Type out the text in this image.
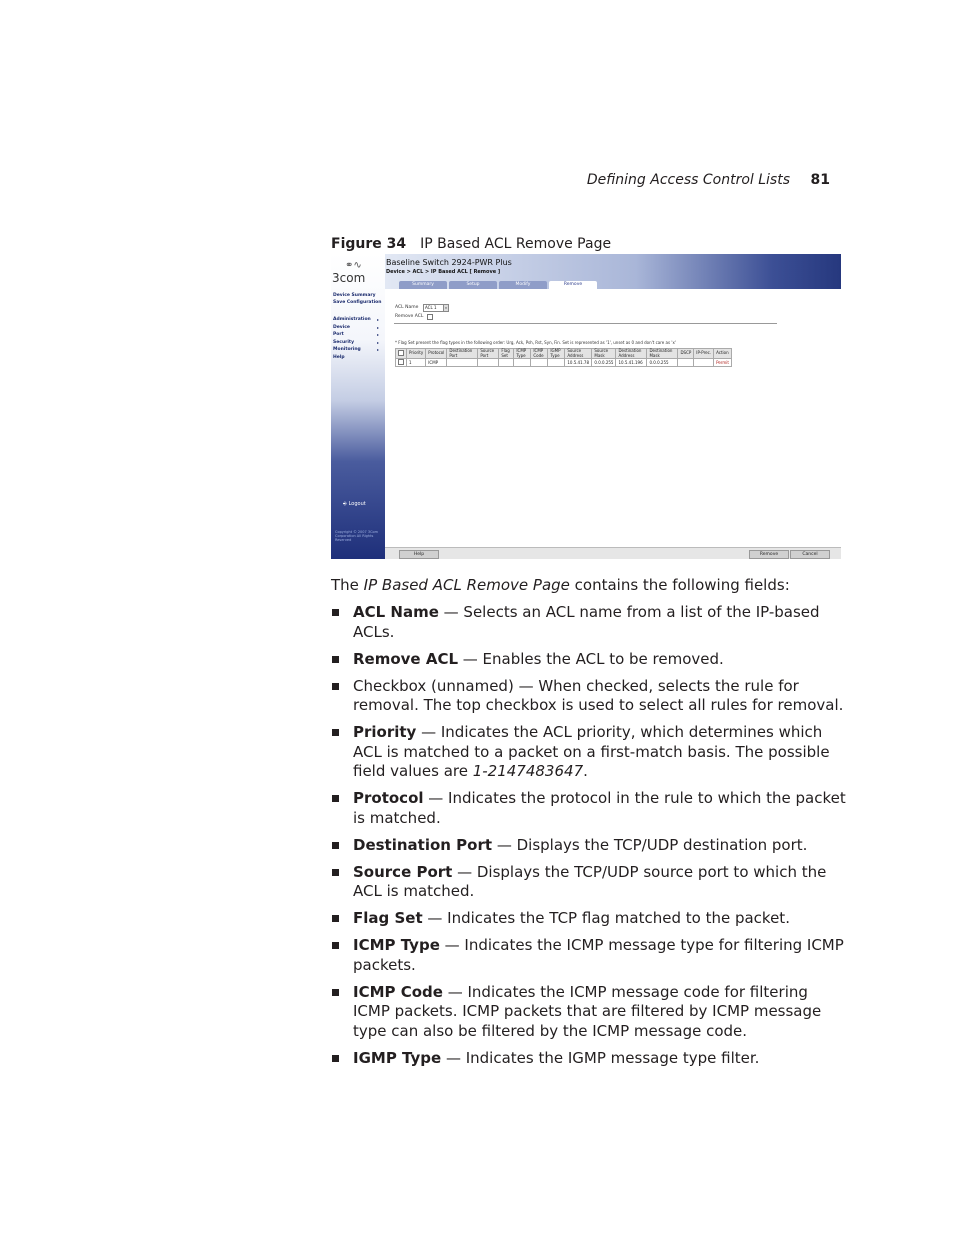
Defining Access Control Lists 81
Figure 34 IP Based ACL Remove Page
⚭∿
3com
Device Summary
Save Configuration
Administration ▸
Device	▸
Port	▸
Security	▸
Monitoring	▸
Help
⎆ Logout
Copyright © 2007 3Com Corporation All Rights Reserved
Baseline Switch 2924-PWR Plus
Device > ACL > IP Based ACL [ Remove ]
Summary	Setup	Modify	Remove
ACL Name ACL 1	▾
Remove ACL
* Flag Set present the flag types in the following order: Urg, Ack, Psh, Rst, Syn, Fin. Set is represented as '1', unset as 0 and don't care as 'x'
	Priority	Protocol	Destination Port	Source Port	Flag Set	ICMP Type	ICMP Code	IGMP Type	Source Address	Source Mask	Destination Address	Destination Mask	DSCP	IP-Prec.	Action
	1	ICMP							10.5.41.78	0.0.0.255	10.5.41.196	0.0.0.255			Permit
Help	Remove	Cancel
The IP Based ACL Remove Page contains the following fields:
ACL Name — Selects an ACL name from a list of the IP-based ACLs.
Remove ACL — Enables the ACL to be removed.
Checkbox (unnamed) — When checked, selects the rule for removal. The top checkbox is used to select all rules for removal.
Priority — Indicates the ACL priority, which determines which ACL is matched to a packet on a first-match basis. The possible field values are 1-2147483647.
Protocol — Indicates the protocol in the rule to which the packet is matched.
Destination Port — Displays the TCP/UDP destination port.
Source Port — Displays the TCP/UDP source port to which the ACL is matched.
Flag Set — Indicates the TCP flag matched to the packet.
ICMP Type — Indicates the ICMP message type for filtering ICMP packets.
ICMP Code — Indicates the ICMP message code for filtering ICMP packets. ICMP packets that are filtered by ICMP message type can also be filtered by the ICMP message code.
IGMP Type — Indicates the IGMP message type filter.
